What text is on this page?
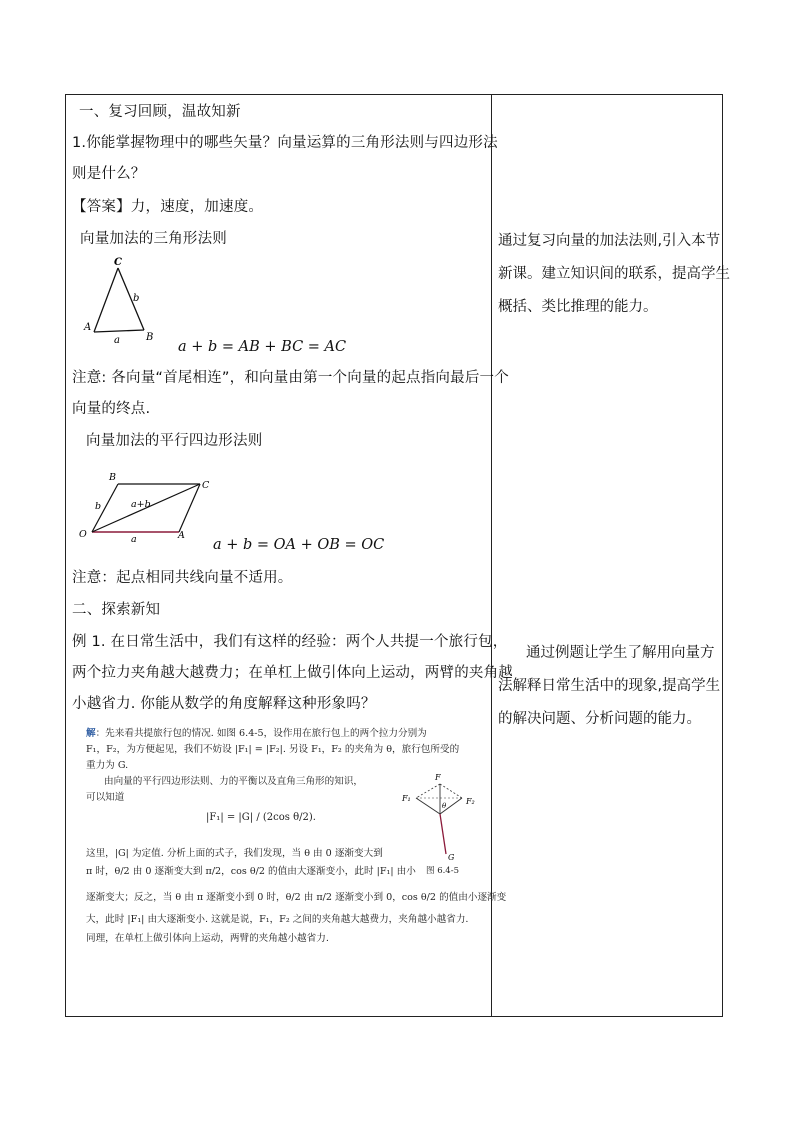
一、复习回顾，温故知新
1.你能掌握物理中的哪些矢量？向量运算的三角形法则与四边形法
则是什么？
【答案】力，速度，加速度。
向量加法的三角形法则
C
A
B
b
a	a + b = AB + BC = AC
注意: 各向量“首尾相连”，和向量由第一个向量的起点指向最后一个
向量的终点.
向量加法的平行四边形法则
B
C
O	A
a
b	a+b
a + b = OA + OB = OC
注意：起点相同共线向量不适用。
二、探索新知
例 1. 在日常生活中，我们有这样的经验：两个人共提一个旅行包，
两个拉力夹角越大越费力；在单杠上做引体向上运动，两臂的夹角越
小越省力. 你能从数学的角度解释这种形象吗？
解：先来看共提旅行包的情况. 如图 6.4-5，设作用在旅行包上的两个拉力分别为
F₁，F₂，为方便起见，我们不妨设 |F₁| = |F₂|. 另设 F₁，F₂ 的夹角为 θ，旅行包所受的
重力为 G.
由向量的平行四边形法则、力的平衡以及直角三角形的知识，
可以知道
|F₁| = |G| / (2cos θ/2).
这里，|G| 为定值. 分析上面的式子，我们发现，当 θ 由 0 逐渐变大到
π 时，θ/2 由 0 逐渐变大到 π/2，cos θ/2 的值由大逐渐变小，此时 |F₁| 由小
逐渐变大；反之，当 θ 由 π 逐渐变小到 0 时，θ/2 由 π/2 逐渐变小到 0，cos θ/2 的值由小逐渐变
大，此时 |F₁| 由大逐渐变小. 这就是说，F₁，F₂ 之间的夹角越大越费力，夹角越小越省力.
同理，在单杠上做引体向上运动，两臂的夹角越小越省力.
F
F₁	F₂
θ
G
图 6.4-5
通过复习向量的加法法则,引入本节
新课。建立知识间的联系，提高学生
概括、类比推理的能力。
通过例题让学生了解用向量方
法解释日常生活中的现象,提高学生
的解决问题、分析问题的能力。
